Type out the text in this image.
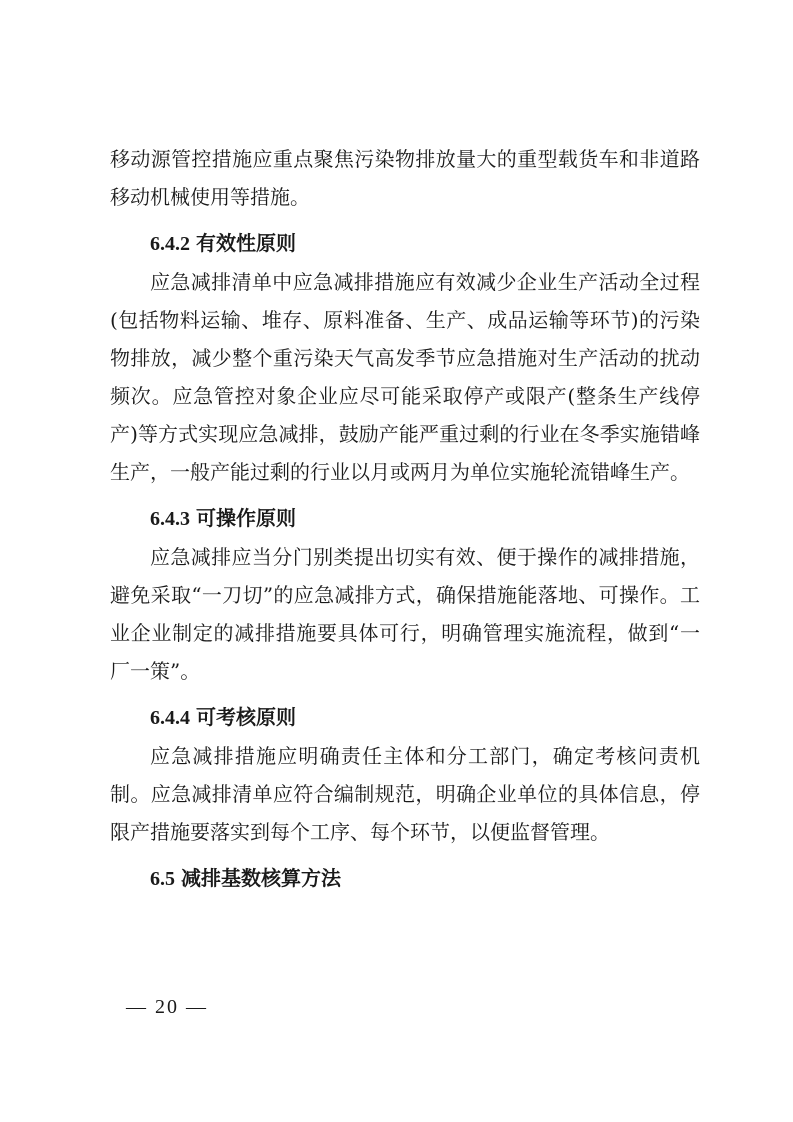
移动源管控措施应重点聚焦污染物排放量大的重型载货车和非道路移动机械使用等措施。

6.4.2 有效性原则

应急减排清单中应急减排措施应有效减少企业生产活动全过程(包括物料运输、堆存、原料准备、生产、成品运输等环节)的污染物排放，减少整个重污染天气高发季节应急措施对生产活动的扰动频次。应急管控对象企业应尽可能采取停产或限产(整条生产线停产)等方式实现应急减排，鼓励产能严重过剩的行业在冬季实施错峰生产，一般产能过剩的行业以月或两月为单位实施轮流错峰生产。

6.4.3 可操作原则

应急减排应当分门别类提出切实有效、便于操作的减排措施，避免采取“一刀切”的应急减排方式，确保措施能落地、可操作。工业企业制定的减排措施要具体可行，明确管理实施流程，做到“一厂一策”。

6.4.4 可考核原则

应急减排措施应明确责任主体和分工部门，确定考核问责机制。应急减排清单应符合编制规范，明确企业单位的具体信息，停限产措施要落实到每个工序、每个环节，以便监督管理。

6.5 减排基数核算方法

— 20 —
